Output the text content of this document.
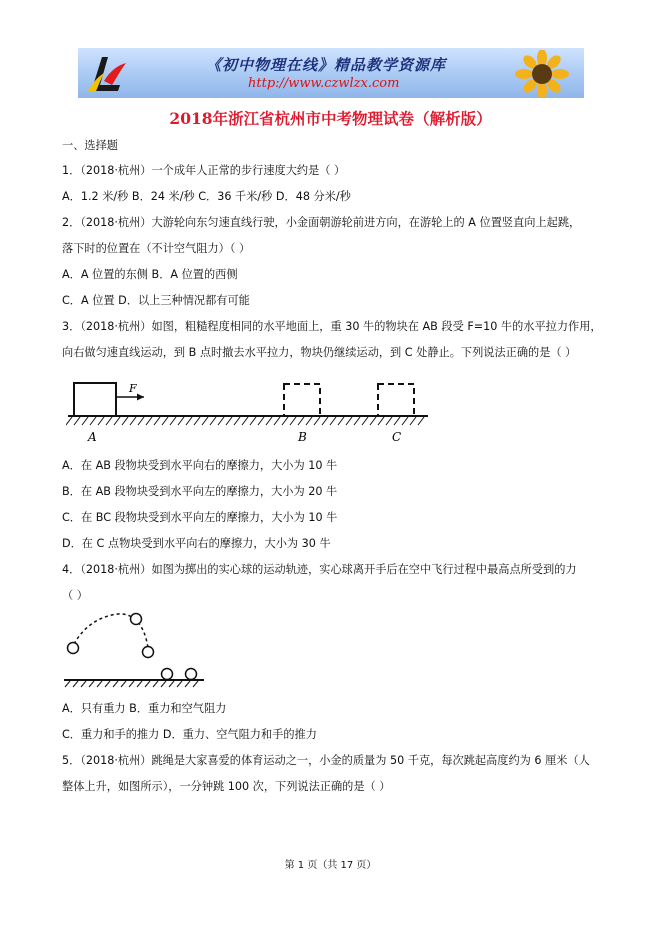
《初中物理在线》精品教学资源库
http://www.czwlzx.com
2018年浙江省杭州市中考物理试卷（解析版）
一、选择题
1．（2018·杭州）一个成年人正常的步行速度大约是（ ）
A．1.2 米/秒 B．24 米/秒 C．36 千米/秒 D．48 分米/秒
2．（2018·杭州）大游轮向东匀速直线行驶，小金面朝游轮前进方向，在游轮上的 A 位置竖直向上起跳，
落下时的位置在（不计空气阻力）（ ）
A．A 位置的东侧 B．A 位置的西侧
C．A 位置 D．以上三种情况都有可能
3．（2018·杭州）如图，粗糙程度相同的水平地面上，重 30 牛的物块在 AB 段受 F=10 牛的水平拉力作用，
向右做匀速直线运动，到 B 点时撤去水平拉力，物块仍继续运动，到 C 处静止。下列说法正确的是（ ）
F
A	B	C
A．在 AB 段物块受到水平向右的摩擦力，大小为 10 牛
B．在 AB 段物块受到水平向左的摩擦力，大小为 20 牛
C．在 BC 段物块受到水平向左的摩擦力，大小为 10 牛
D．在 C 点物块受到水平向右的摩擦力，大小为 30 牛
4．（2018·杭州）如图为掷出的实心球的运动轨迹，实心球离开手后在空中飞行过程中最高点所受到的力
（ ）
A．只有重力 B．重力和空气阻力
C．重力和手的推力 D．重力、空气阻力和手的推力
5．（2018·杭州）跳绳是大家喜爱的体育运动之一，小金的质量为 50 千克，每次跳起高度约为 6 厘米（人
整体上升，如图所示），一分钟跳 100 次，下列说法正确的是（ ）
第 1 页（共 17 页）
